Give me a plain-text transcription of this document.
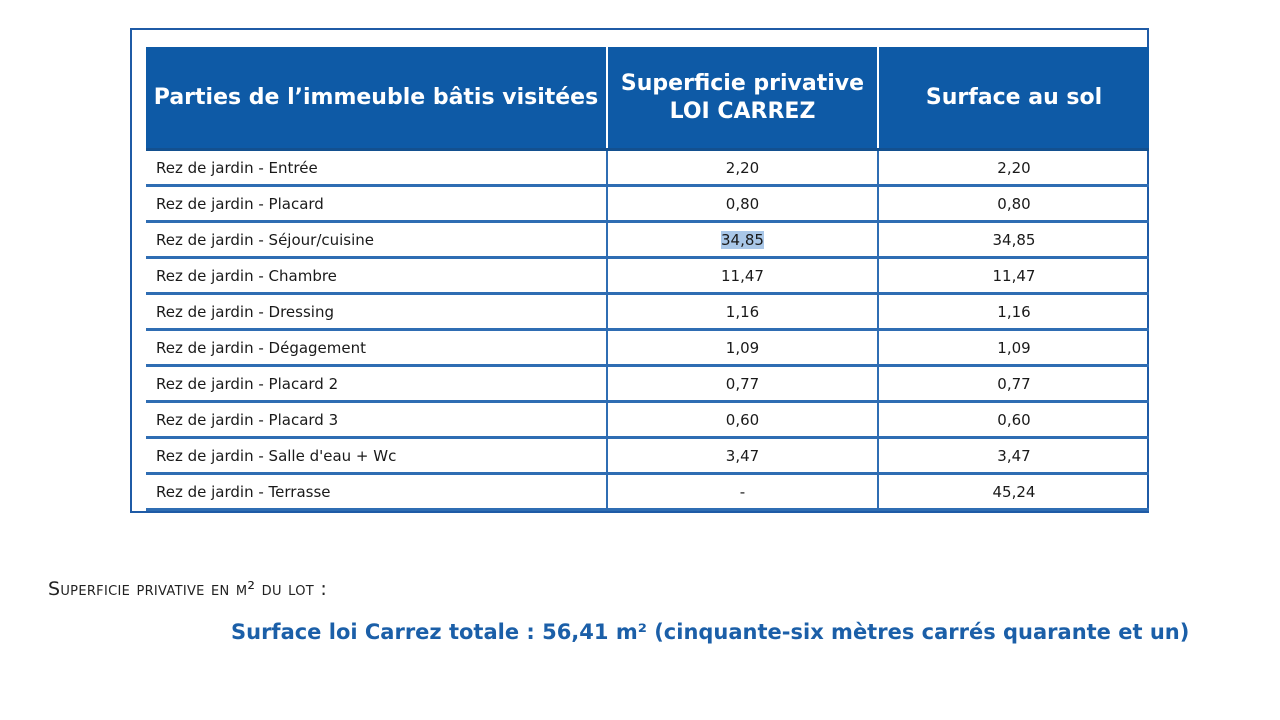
Parties de l’immeuble bâtis visitées	Superficie privative LOI CARREZ	Surface au sol
Rez de jardin - Entrée	2,20	2,20
Rez de jardin - Placard	0,80	0,80
Rez de jardin - Séjour/cuisine	34,85	34,85
Rez de jardin - Chambre	11,47	11,47
Rez de jardin - Dressing	1,16	1,16
Rez de jardin - Dégagement	1,09	1,09
Rez de jardin - Placard 2	0,77	0,77
Rez de jardin - Placard 3	0,60	0,60
Rez de jardin - Salle d'eau + Wc	3,47	3,47
Rez de jardin - Terrasse	-	45,24
Superficie privative en m² du lot :
Surface loi Carrez totale : 56,41 m² (cinquante-six mètres carrés quarante et un)
